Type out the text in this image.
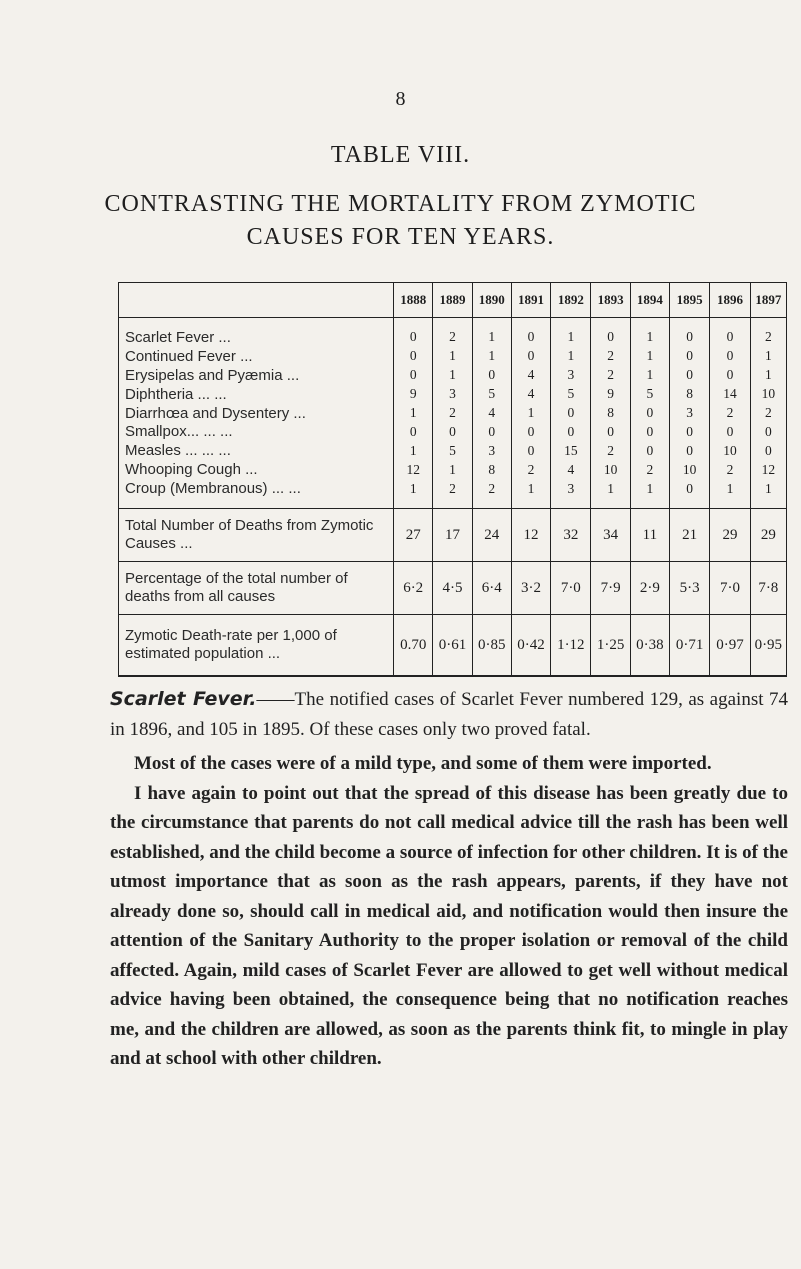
8
TABLE VIII.
CONTRASTING THE MORTALITY FROM ZYMOTIC
CAUSES FOR TEN YEARS.
	1888	1889	1890	1891	1892	1893	1894	1895	1896	1897
Scarlet Fever ...	0	2	1	0	1	0	1	0	0	2
Continued Fever ...	0	1	1	0	1	2	1	0	0	1
Erysipelas and Pyæmia ...	0	1	0	4	3	2	1	0	0	1
Diphtheria ... ...	9	3	5	4	5	9	5	8	14	10
Diarrhœa and Dysentery ...	1	2	4	1	0	8	0	3	2	2
Smallpox... ... ...	0	0	0	0	0	0	0	0	0	0
Measles ... ... ...	1	5	3	0	15	2	0	0	10	0
Whooping Cough ...	12	1	8	2	4	10	2	10	2	12
Croup (Membranous) ... ...	1	2	2	1	3	1	1	0	1	1
Total Number of Deaths from Zymotic Causes ...	27	17	24	12	32	34	11	21	29	29
Percentage of the total number of deaths from all causes	6·2	4·5	6·4	3·2	7·0	7·9	2·9	5·3	7·0	7·8
Zymotic Death-rate per 1,000 of estimated population ...	0.70	0·61	0·85	0·42	1·12	1·25	0·38	0·71	0·97	0·95

Scarlet Fever.——The notified cases of Scarlet Fever numbered 129, as against 74 in 1896, and 105 in 1895. Of these cases only two proved fatal.

Most of the cases were of a mild type, and some of them were imported.

I have again to point out that the spread of this disease has been greatly due to the circumstance that parents do not call medical advice till the rash has been well established, and the child become a source of infection for other children. It is of the utmost importance that as soon as the rash appears, parents, if they have not already done so, should call in medical aid, and notification would then insure the attention of the Sanitary Authority to the proper isolation or removal of the child affected. Again, mild cases of Scarlet Fever are allowed to get well without medical advice having been obtained, the consequence being that no notification reaches me, and the children are allowed, as soon as the parents think fit, to mingle in play and at school with other children.
